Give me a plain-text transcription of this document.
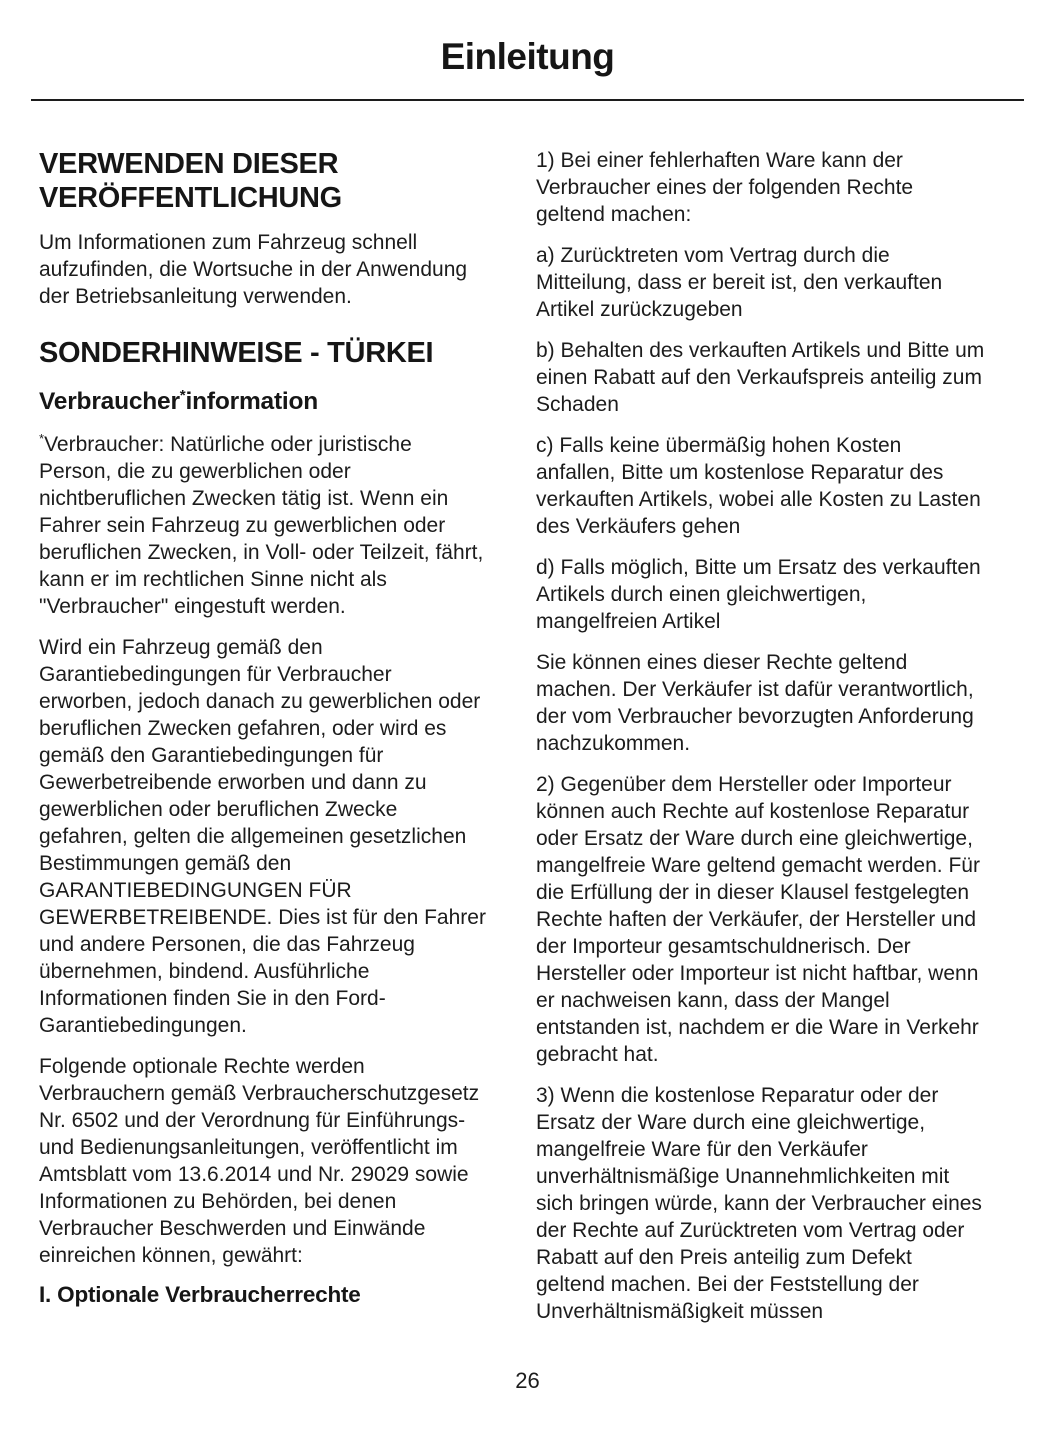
Einleitung
VERWENDEN DIESER VERÖFFENTLICHUNG

Um Informationen zum Fahrzeug schnell aufzufinden, die Wortsuche in der Anwendung der Betriebsanleitung verwenden.

SONDERHINWEISE - TÜRKEI
Verbraucher*information

*Verbraucher: Natürliche oder juristische Person, die zu gewerblichen oder nichtberuflichen Zwecken tätig ist. Wenn ein Fahrer sein Fahrzeug zu gewerblichen oder beruflichen Zwecken, in Voll- oder Teilzeit, fährt, kann er im rechtlichen Sinne nicht als "Verbraucher" eingestuft werden.

Wird ein Fahrzeug gemäß den Garantiebedingungen für Verbraucher erworben, jedoch danach zu gewerblichen oder beruflichen Zwecken gefahren, oder wird es gemäß den Garantiebedingungen für Gewerbetreibende erworben und dann zu gewerblichen oder beruflichen Zwecke gefahren, gelten die allgemeinen gesetzlichen Bestimmungen gemäß den GARANTIEBEDINGUNGEN FÜR GEWERBETREIBENDE. Dies ist für den Fahrer und andere Personen, die das Fahrzeug übernehmen, bindend. Ausführliche Informationen finden Sie in den Ford-Garantiebedingungen.

Folgende optionale Rechte werden Verbrauchern gemäß Verbraucherschutzgesetz Nr. 6502 und der Verordnung für Einführungs- und Bedienungsanleitungen, veröffentlicht im Amtsblatt vom 13.6.2014 und Nr. 29029 sowie Informationen zu Behörden, bei denen Verbraucher Beschwerden und Einwände einreichen können, gewährt:

I. Optionale Verbraucherrechte

1) Bei einer fehlerhaften Ware kann der Verbraucher eines der folgenden Rechte geltend machen:

a) Zurücktreten vom Vertrag durch die Mitteilung, dass er bereit ist, den verkauften Artikel zurückzugeben

b) Behalten des verkauften Artikels und Bitte um einen Rabatt auf den Verkaufspreis anteilig zum Schaden

c) Falls keine übermäßig hohen Kosten anfallen, Bitte um kostenlose Reparatur des verkauften Artikels, wobei alle Kosten zu Lasten des Verkäufers gehen

d) Falls möglich, Bitte um Ersatz des verkauften Artikels durch einen gleichwertigen, mangelfreien Artikel

Sie können eines dieser Rechte geltend machen. Der Verkäufer ist dafür verantwortlich, der vom Verbraucher bevorzugten Anforderung nachzukommen.

2) Gegenüber dem Hersteller oder Importeur können auch Rechte auf kostenlose Reparatur oder Ersatz der Ware durch eine gleichwertige, mangelfreie Ware geltend gemacht werden. Für die Erfüllung der in dieser Klausel festgelegten Rechte haften der Verkäufer, der Hersteller und der Importeur gesamtschuldnerisch. Der Hersteller oder Importeur ist nicht haftbar, wenn er nachweisen kann, dass der Mangel entstanden ist, nachdem er die Ware in Verkehr gebracht hat.

3) Wenn die kostenlose Reparatur oder der Ersatz der Ware durch eine gleichwertige, mangelfreie Ware für den Verkäufer unverhältnismäßige Unannehmlichkeiten mit sich bringen würde, kann der Verbraucher eines der Rechte auf Zurücktreten vom Vertrag oder Rabatt auf den Preis anteilig zum Defekt geltend machen. Bei der Feststellung der Unverhältnismäßigkeit müssen

26
